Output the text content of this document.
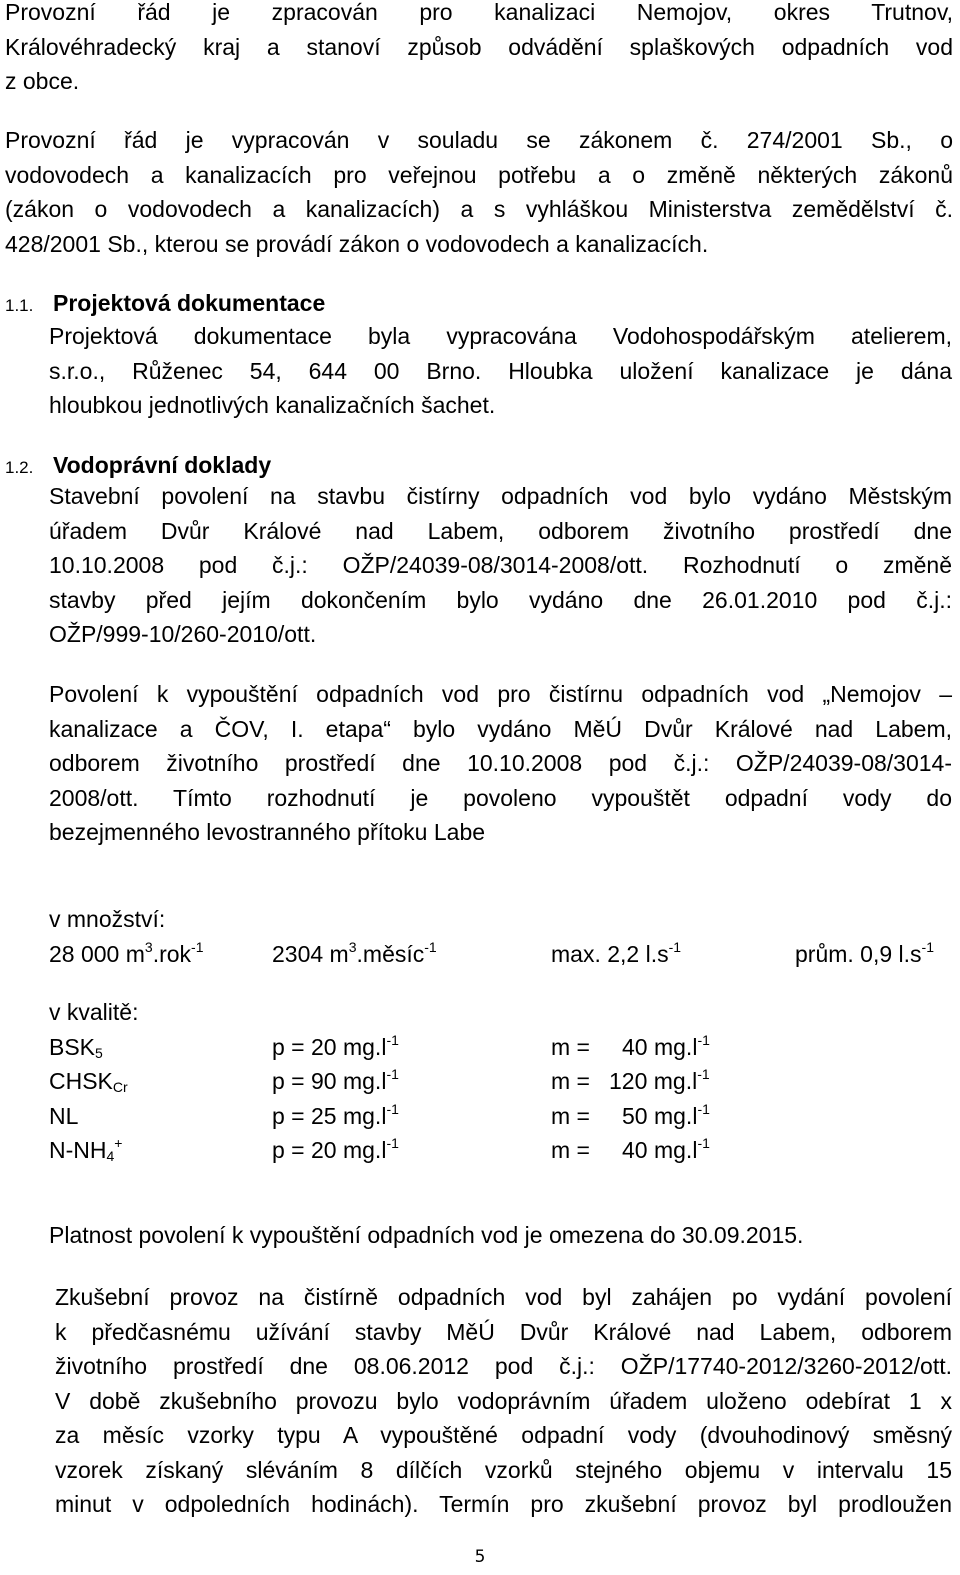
Provozní řád je zpracován pro kanalizaci Nemojov, okres Trutnov,
Královéhradecký kraj a stanoví způsob odvádění splaškových odpadních vod
z obce.
Provozní řád je vypracován v souladu se zákonem č. 274/2001 Sb., o
vodovodech a kanalizacích pro veřejnou potřebu a o změně některých zákonů
(zákon o vodovodech a kanalizacích) a s vyhláškou Ministerstva zemědělství č.
428/2001 Sb., kterou se provádí zákon o vodovodech a kanalizacích.
1.1. Projektová dokumentace
Projektová dokumentace byla vypracována Vodohospodářským atelierem,
s.r.o., Růženec 54, 644 00 Brno. Hloubka uložení kanalizace je dána
hloubkou jednotlivých kanalizačních šachet.
1.2. Vodoprávní doklady
Stavební povolení na stavbu čistírny odpadních vod bylo vydáno Městským
úřadem Dvůr Králové nad Labem, odborem životního prostředí dne
10.10.2008 pod č.j.: OŽP/24039-08/3014-2008/ott. Rozhodnutí o změně
stavby před jejím dokončením bylo vydáno dne 26.01.2010 pod č.j.:
OŽP/999-10/260-2010/ott.
Povolení k vypouštění odpadních vod pro čistírnu odpadních vod „Nemojov –
kanalizace a ČOV, I. etapa“ bylo vydáno MěÚ Dvůr Králové nad Labem,
odborem životního prostředí dne 10.10.2008 pod č.j.: OŽP/24039-08/3014-
2008/ott. Tímto rozhodnutí je povoleno vypouštět odpadní vody do
bezejmenného levostranného přítoku Labe
v množství:
28 000 $m^3.rok^{-1}$	2304 $m^3.měsíc^{-1}$	max. 2,2 $l.s^{-1}$	prům. 0,9 $l.s^{-1}$
v kvalitě:
$BSK_5$	p = 20 $mg.l^{-1}$	m = 40 $mg.l^{-1}$
$CHSK_{Cr}$	p = 90 $mg.l^{-1}$	m = 120 $mg.l^{-1}$
NL	p = 25 $mg.l^{-1}$	m = 50 $mg.l^{-1}$
$N-NH_4^+$	p = 20 $mg.l^{-1}$	m = 40 $mg.l^{-1}$
Platnost povolení k vypouštění odpadních vod je omezena do 30.09.2015.
Zkušební provoz na čistírně odpadních vod byl zahájen po vydání povolení
k předčasnému užívání stavby MěÚ Dvůr Králové nad Labem, odborem
životního prostředí dne 08.06.2012 pod č.j.: OŽP/17740-2012/3260-2012/ott.
V době zkušebního provozu bylo vodoprávním úřadem uloženo odebírat 1 x
za měsíc vzorky typu A vypouštěné odpadní vody (dvouhodinový směsný
vzorek získaný sléváním 8 dílčích vzorků stejného objemu v intervalu 15
minut v odpoledních hodinách). Termín pro zkušební provoz byl prodloužen
5
